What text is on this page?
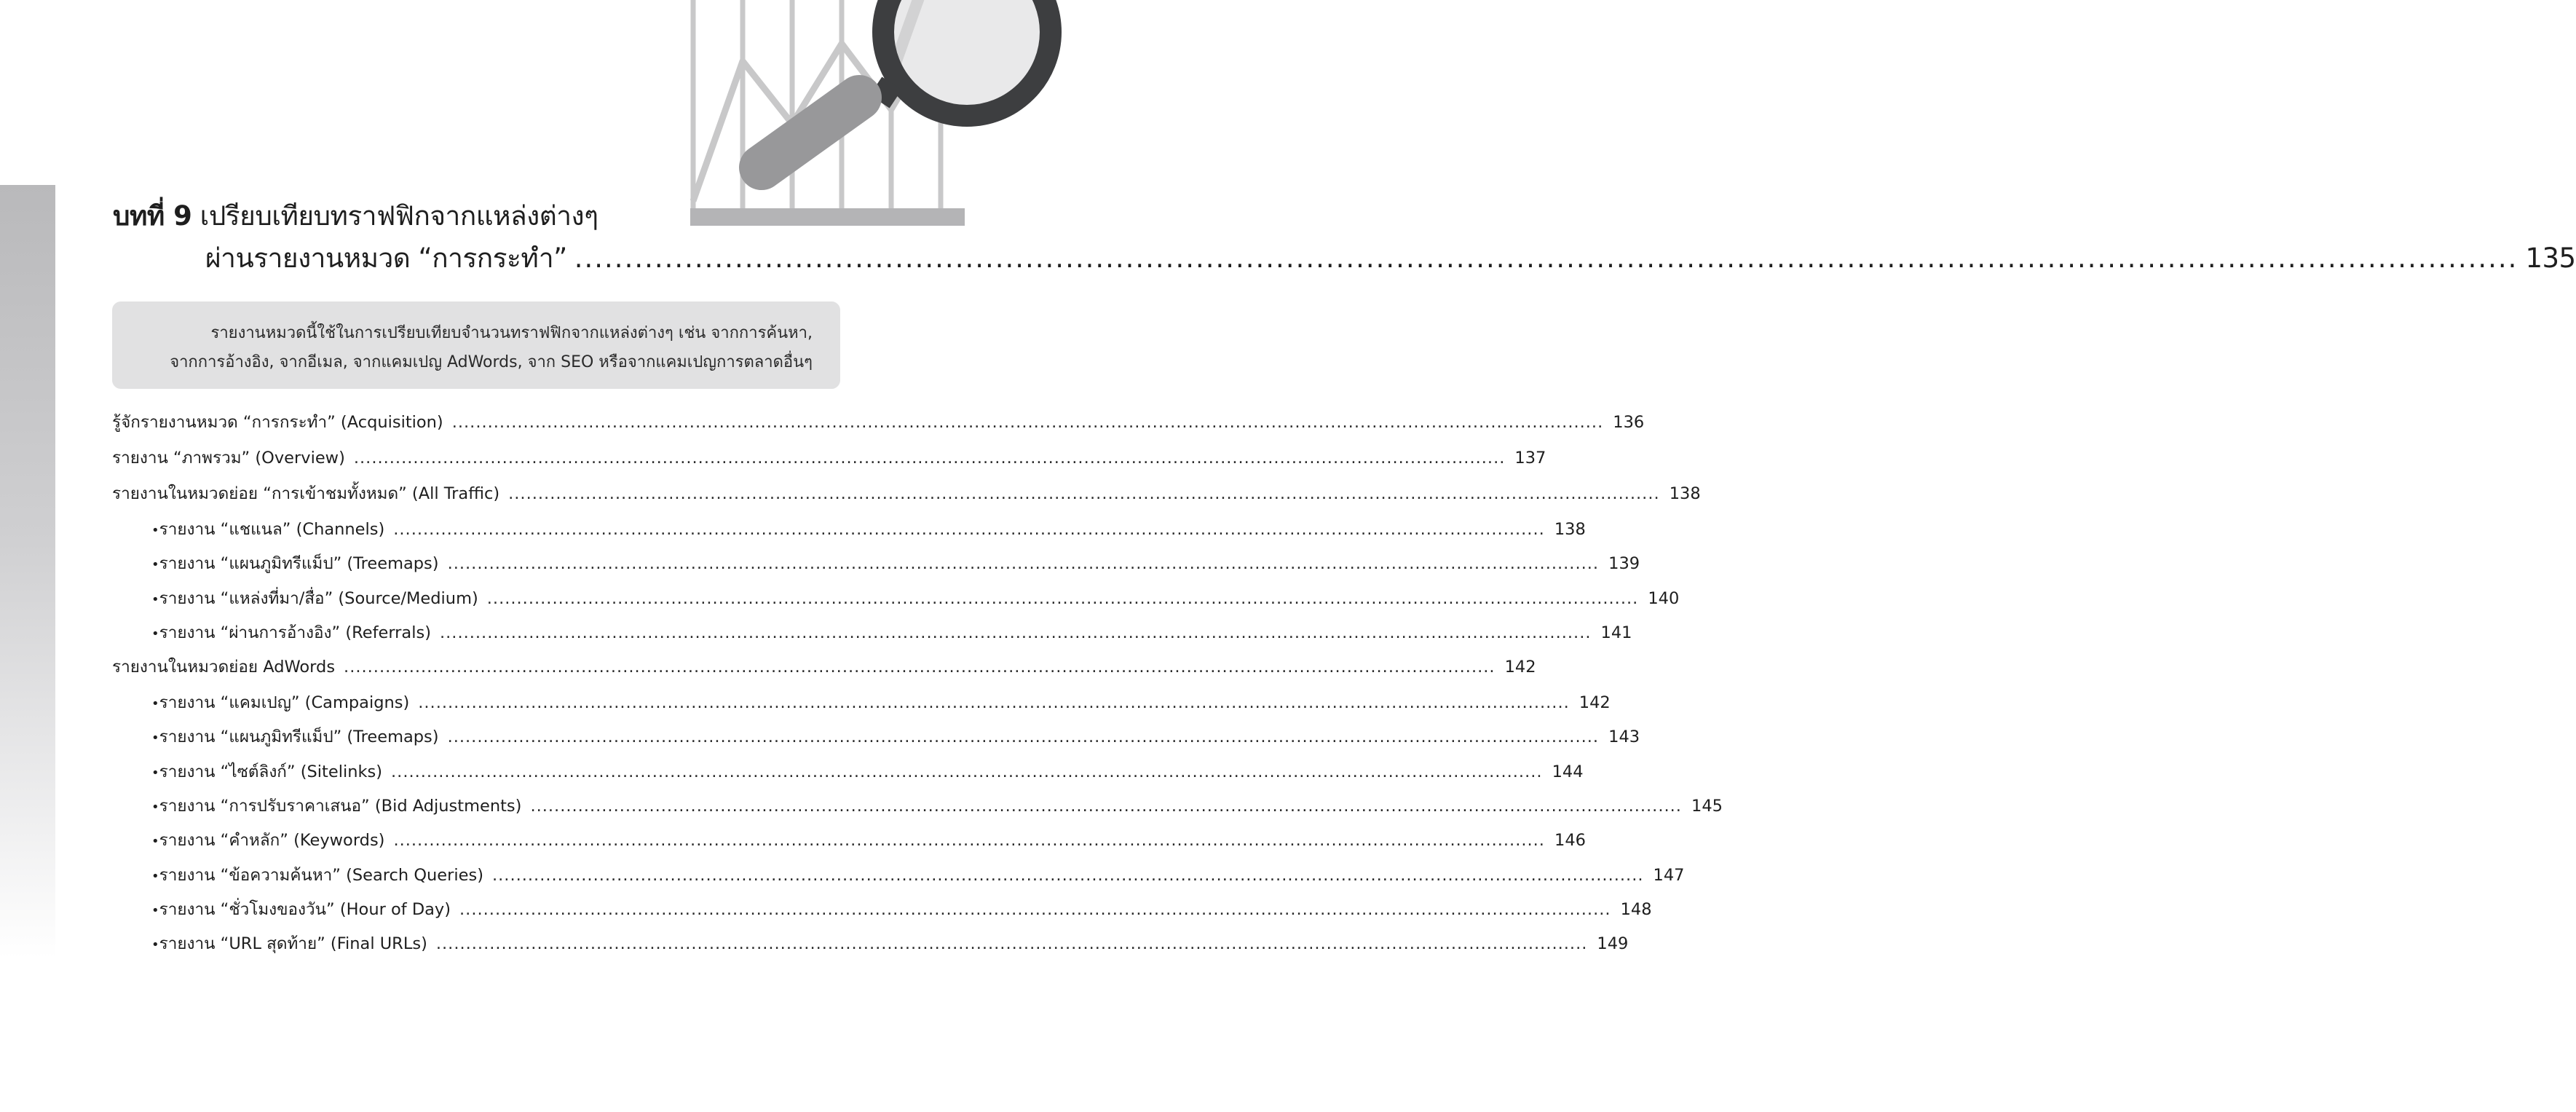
บทที่ 9 เปรียบเทียบทราฟฟิกจากแหล่งต่างๆ
ผ่านรายงานหมวด “การกระทำ” .................................................................................................................................................................................................. 135

รายงานหมวดนี้ใช้ในการเปรียบเทียบจำนวนทราฟฟิกจากแหล่งต่างๆ เช่น จากการค้นหา,

จากการอ้างอิง, จากอีเมล, จากแคมเปญ AdWords, จาก SEO หรือจากแคมเปญการตลาดอื่นๆ

รู้จักรายงานหมวด “การกระทำ” (Acquisition) .................................................................................................................................................................................................. 136
รายงาน “ภาพรวม” (Overview) .................................................................................................................................................................................................. 137
รายงานในหมวดย่อย “การเข้าชมทั้งหมด” (All Traffic) .................................................................................................................................................................................................. 138
• รายงาน “แชแนล” (Channels) .................................................................................................................................................................................................. 138
• รายงาน “แผนภูมิทรีแม็ป” (Treemaps) .................................................................................................................................................................................................. 139
• รายงาน “แหล่งที่มา/สื่อ” (Source/Medium) .................................................................................................................................................................................................. 140
• รายงาน “ผ่านการอ้างอิง” (Referrals) .................................................................................................................................................................................................. 141
รายงานในหมวดย่อย AdWords .................................................................................................................................................................................................. 142
• รายงาน “แคมเปญ” (Campaigns) .................................................................................................................................................................................................. 142
• รายงาน “แผนภูมิทรีแม็ป” (Treemaps) .................................................................................................................................................................................................. 143
• รายงาน “ไซต์ลิงก์” (Sitelinks) .................................................................................................................................................................................................. 144
• รายงาน “การปรับราคาเสนอ” (Bid Adjustments) .................................................................................................................................................................................................. 145
• รายงาน “คำหลัก” (Keywords) .................................................................................................................................................................................................. 146
• รายงาน “ข้อความค้นหา” (Search Queries) .................................................................................................................................................................................................. 147
• รายงาน “ชั่วโมงของวัน” (Hour of Day) .................................................................................................................................................................................................. 148
• รายงาน “URL สุดท้าย” (Final URLs) .................................................................................................................................................................................................. 149
